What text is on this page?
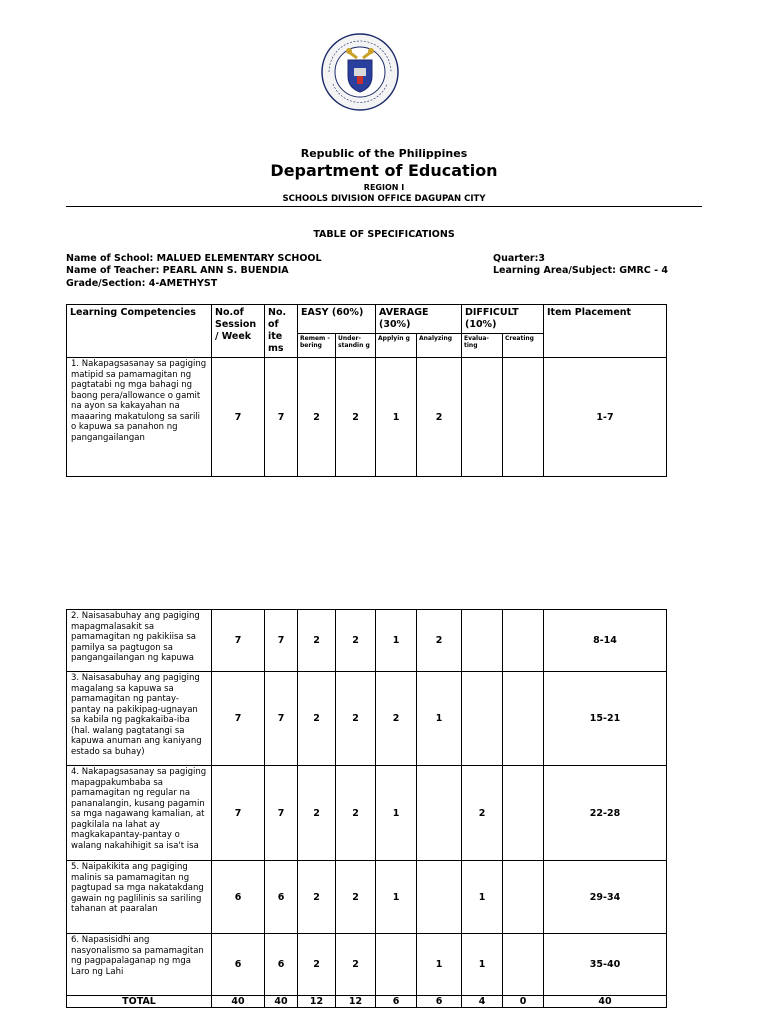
Republic of the Philippines
Department of Education
REGION I
SCHOOLS DIVISION OFFICE DAGUPAN CITY
TABLE OF SPECIFICATIONS
Name of School: MALUED ELEMENTARY SCHOOL
Name of Teacher: PEARL ANN S. BUENDIA
Grade/Section: 4-AMETHYST
Quarter:3
Learning Area/Subject: GMRC - 4
Learning Competencies	No.of Session / Week	No. of ite ms	EASY (60%)		AVERAGE (30%)		DIFFICULT (10%)		Item Placement
			Remem -bering	Under- standin g	Applyin g	Analyzing	Evalua- ting	Creating	
1. Nakapagsasanay sa pagiging matipid sa pamamagitan ng pagtatabi ng mga bahagi ng baong pera/allowance o gamit na ayon sa kakayahan na maaaring makatulong sa sarili o kapuwa sa panahon ng pangangailangan	7	7	2	2	1	2			1-7
2. Naisasabuhay ang pagiging mapagmalasakit sa pamamagitan ng pakikiisa sa pamilya sa pagtugon sa pangangailangan ng kapuwa	7	7	2	2	1	2			8-14
3. Naisasabuhay ang pagiging magalang sa kapuwa sa pamamagitan ng pantay-pantay na pakikipag-ugnayan sa kabila ng pagkakaiba-iba (hal. walang pagtatangi sa kapuwa anuman ang kaniyang estado sa buhay)	7	7	2	2	2	1			15-21
4. Nakapagsasanay sa pagiging mapagpakumbaba sa pamamagitan ng regular na pananalangin, kusang pagamin sa mga nagawang kamalian, at pagkilala na lahat ay magkakapantay-pantay o walang nakahihigit sa isa't isa	7	7	2	2	1		2		22-28
5. Naipakikita ang pagiging malinis sa pamamagitan ng pagtupad sa mga nakatakdang gawain ng paglilinis sa sariling tahanan at paaralan	6	6	2	2	1		1		29-34
6. Napasisidhi ang nasyonalismo sa pamamagitan ng pagpapalaganap ng mga Laro ng Lahi	6	6	2	2		1	1		35-40
TOTAL	40	40	12	12	6	6	4	0	40
